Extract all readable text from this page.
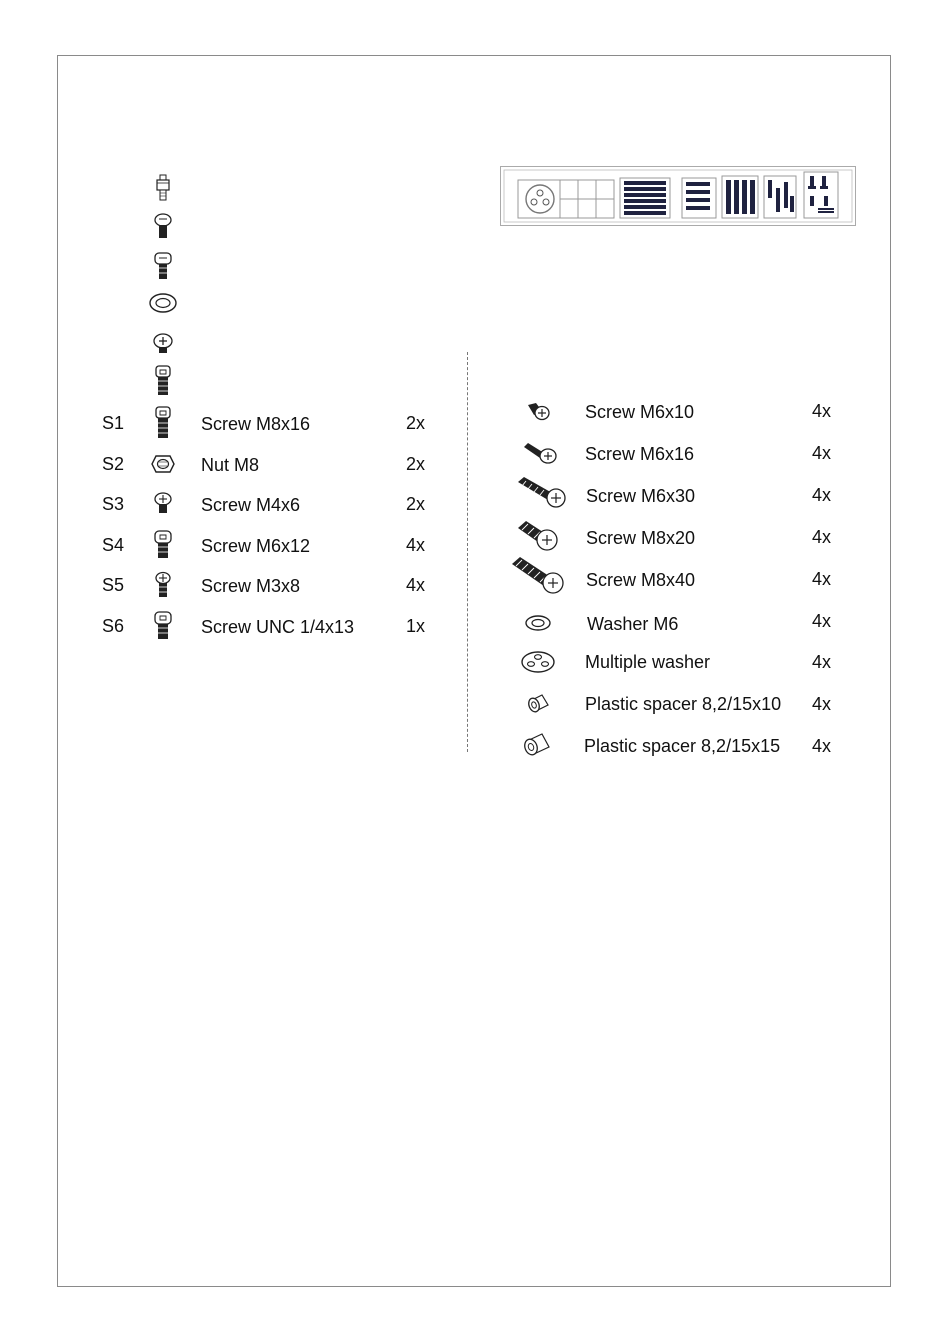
S1	Screw M8x16	2x
S2	Nut M8	2x
S3	Screw M4x6	2x
S4	Screw M6x12	4x
S5	Screw M3x8	4x
S6	Screw UNC 1/4x13	1x
Screw M6x10	4x
Screw M6x16	4x
Screw M6x30	4x
Screw M8x20	4x
Screw M8x40	4x
Washer M6	4x
Multiple washer	4x
Plastic spacer 8,2/15x10 4x
Plastic spacer 8,2/15x15 4x
